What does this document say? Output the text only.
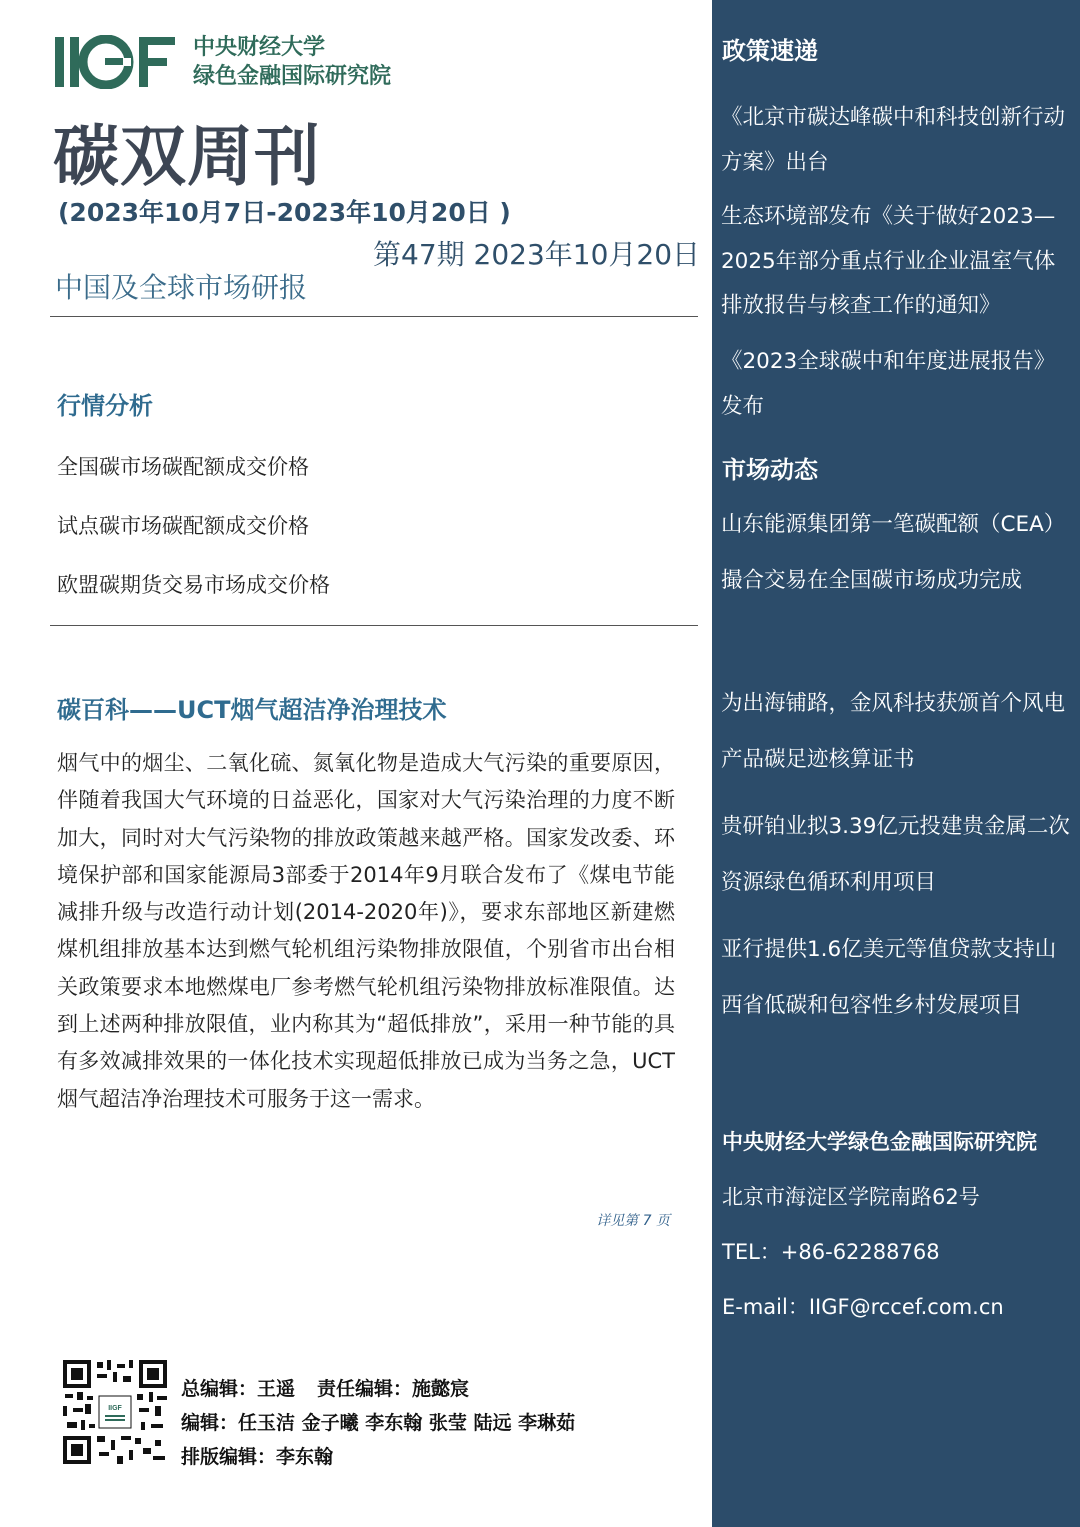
中央财经大学
绿色金融国际研究院
碳双周刊
(2023年10月7日-2023年10月20日 )
第47期 2023年10月20日
中国及全球市场研报
行情分析
全国碳市场碳配额成交价格
试点碳市场碳配额成交价格
欧盟碳期货交易市场成交价格
碳百科——UCT烟气超洁净治理技术
烟气中的烟尘、二氧化硫、氮氧化物是造成大气污染的重要原因，伴随着我国大气环境的日益恶化，国家对大气污染治理的力度不断加大，同时对大气污染物的排放政策越来越严格。国家发改委、环境保护部和国家能源局3部委于2014年9月联合发布了《煤电节能减排升级与改造行动计划(2014-2020年)》，要求东部地区新建燃煤机组排放基本达到燃气轮机组污染物排放限值，个别省市出台相关政策要求本地燃煤电厂参考燃气轮机组污染物排放标准限值。达到上述两种排放限值，业内称其为“超低排放”，采用一种节能的具有多效减排效果的一体化技术实现超低排放已成为当务之急，UCT烟气超洁净治理技术可服务于这一需求。
详见第 7 页
IIGF
总编辑：王遥 责任编辑：施懿宸
编辑：任玉洁 金子曦 李东翰 张莹 陆远 李琳茹
排版编辑：李东翰
政策速递
《北京市碳达峰碳中和科技创新行动方案》出台
生态环境部发布《关于做好2023—2025年部分重点行业企业温室气体排放报告与核查工作的通知》
《2023全球碳中和年度进展报告》发布
市场动态
山东能源集团第一笔碳配额（CEA）撮合交易在全国碳市场成功完成
为出海铺路，金风科技获颁首个风电产品碳足迹核算证书
贵研铂业拟3.39亿元投建贵金属二次资源绿色循环利用项目
亚行提供1.6亿美元等值贷款支持山西省低碳和包容性乡村发展项目
中央财经大学绿色金融国际研究院
北京市海淀区学院南路62号
TEL：+86-62288768
E-mail：IIGF@rccef.com.cn
